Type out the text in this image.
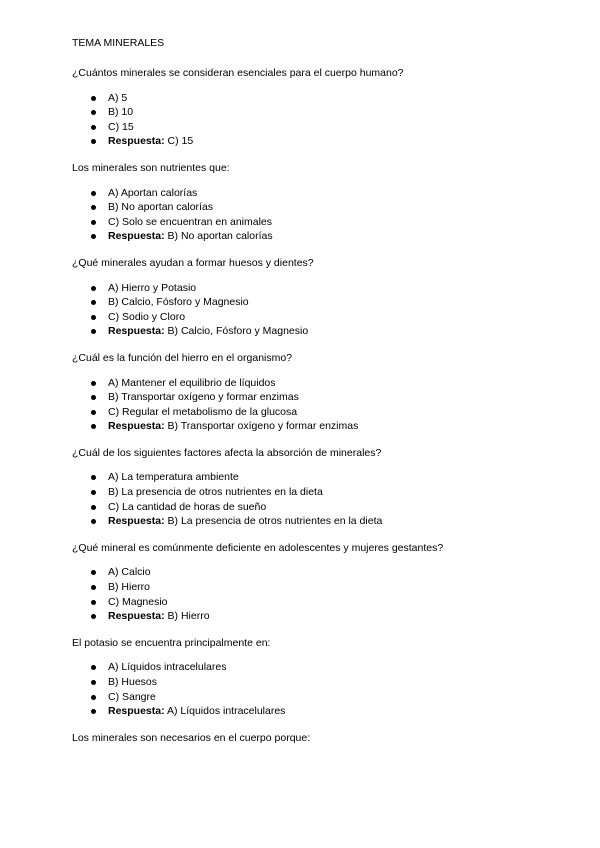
TEMA MINERALES

¿Cuántos minerales se consideran esenciales para el cuerpo humano?

A) 5
B) 10
C) 15
Respuesta: C) 15

Los minerales son nutrientes que:

A) Aportan calorías
B) No aportan calorías
C) Solo se encuentran en animales
Respuesta: B) No aportan calorías

¿Qué minerales ayudan a formar huesos y dientes?

A) Hierro y Potasio
B) Calcio, Fósforo y Magnesio
C) Sodio y Cloro
Respuesta: B) Calcio, Fósforo y Magnesio

¿Cuál es la función del hierro en el organismo?

A) Mantener el equilibrio de líquidos
B) Transportar oxígeno y formar enzimas
C) Regular el metabolismo de la glucosa
Respuesta: B) Transportar oxígeno y formar enzimas

¿Cuál de los siguientes factores afecta la absorción de minerales?

A) La temperatura ambiente
B) La presencia de otros nutrientes en la dieta
C) La cantidad de horas de sueño
Respuesta: B) La presencia de otros nutrientes en la dieta

¿Qué mineral es comúnmente deficiente en adolescentes y mujeres gestantes?

A) Calcio
B) Hierro
C) Magnesio
Respuesta: B) Hierro

El potasio se encuentra principalmente en:

A) Líquidos intracelulares
B) Huesos
C) Sangre
Respuesta: A) Líquidos intracelulares

Los minerales son necesarios en el cuerpo porque:
